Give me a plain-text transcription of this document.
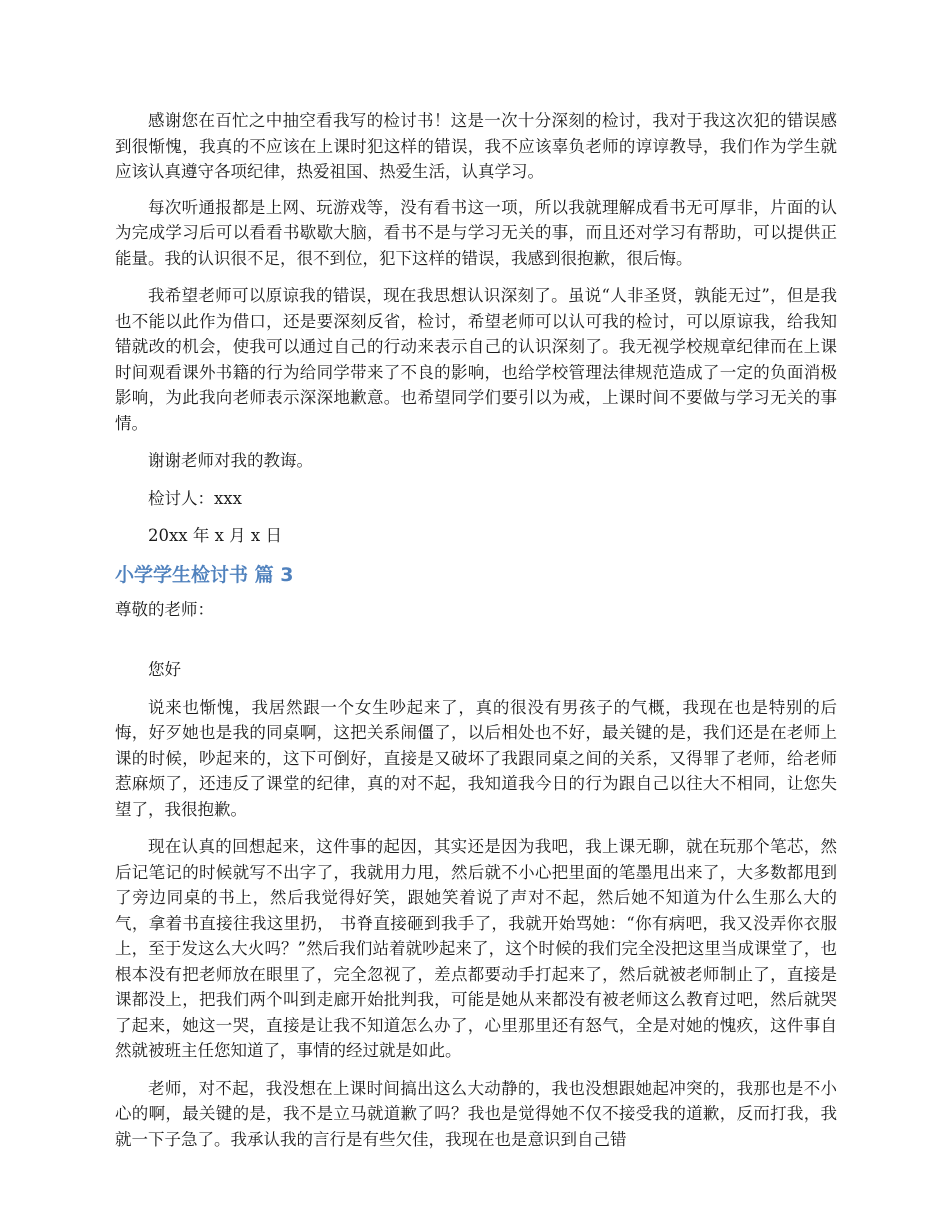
感谢您在百忙之中抽空看我写的检讨书！这是一次十分深刻的检讨，我对于我这次犯的错误感到很惭愧，我真的不应该在上课时犯这样的错误，我不应该辜负老师的谆谆教导，我们作为学生就应该认真遵守各项纪律，热爱祖国、热爱生活，认真学习。

每次听通报都是上网、玩游戏等，没有看书这一项，所以我就理解成看书无可厚非，片面的认为完成学习后可以看看书歇歇大脑，看书不是与学习无关的事，而且还对学习有帮助，可以提供正能量。我的认识很不足，很不到位，犯下这样的错误，我感到很抱歉，很后悔。

我希望老师可以原谅我的错误，现在我思想认识深刻了。虽说“人非圣贤，孰能无过”，但是我也不能以此作为借口，还是要深刻反省，检讨，希望老师可以认可我的检讨，可以原谅我，给我知错就改的机会，使我可以通过自己的行动来表示自己的认识深刻了。我无视学校规章纪律而在上课时间观看课外书籍的行为给同学带来了不良的影响，也给学校管理法律规范造成了一定的负面消极影响，为此我向老师表示深深地歉意。也希望同学们要引以为戒，上课时间不要做与学习无关的事情。

谢谢老师对我的教诲。

检讨人：xxx

20xx 年 x 月 x 日

小学学生检讨书 篇 3

尊敬的老师：

您好

说来也惭愧，我居然跟一个女生吵起来了，真的很没有男孩子的气概，我现在也是特别的后悔，好歹她也是我的同桌啊，这把关系闹僵了，以后相处也不好，最关键的是，我们还是在老师上课的时候，吵起来的，这下可倒好，直接是又破坏了我跟同桌之间的关系，又得罪了老师，给老师惹麻烦了，还违反了课堂的纪律，真的对不起，我知道我今日的行为跟自己以往大不相同，让您失望了，我很抱歉。

现在认真的回想起来，这件事的起因，其实还是因为我吧，我上课无聊，就在玩那个笔芯，然后记笔记的时候就写不出字了，我就用力甩，然后就不小心把里面的笔墨甩出来了，大多数都甩到了旁边同桌的书上，然后我觉得好笑，跟她笑着说了声对不起，然后她不知道为什么生那么大的气，拿着书直接往我这里扔， 书脊直接砸到我手了，我就开始骂她：“你有病吧，我又没弄你衣服上，至于发这么大火吗？”然后我们站着就吵起来了，这个时候的我们完全没把这里当成课堂了，也根本没有把老师放在眼里了，完全忽视了，差点都要动手打起来了，然后就被老师制止了，直接是课都没上，把我们两个叫到走廊开始批判我，可能是她从来都没有被老师这么教育过吧，然后就哭了起来，她这一哭，直接是让我不知道怎么办了，心里那里还有怒气，全是对她的愧疚，这件事自然就被班主任您知道了，事情的经过就是如此。

老师，对不起，我没想在上课时间搞出这么大动静的，我也没想跟她起冲突的，我那也是不小心的啊，最关键的是，我不是立马就道歉了吗？我也是觉得她不仅不接受我的道歉，反而打我，我就一下子急了。我承认我的言行是有些欠佳，我现在也是意识到自己错
